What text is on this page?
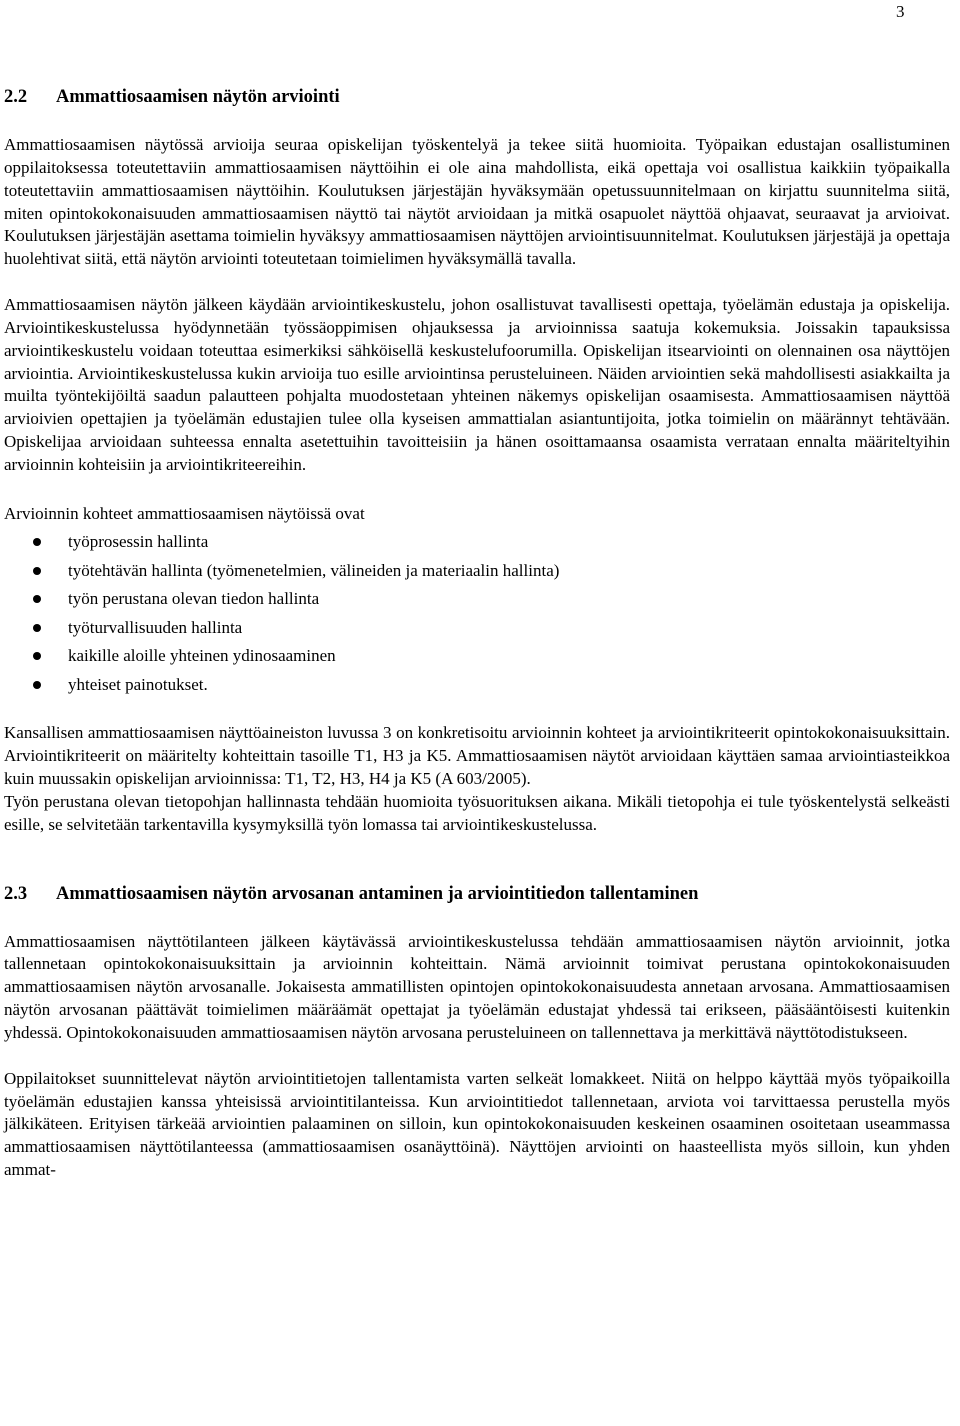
3
2.2 Ammattiosaamisen näytön arviointi

Ammattiosaamisen näytössä arvioija seuraa opiskelijan työskentelyä ja tekee siitä huomioita. Työpaikan edustajan osallistuminen oppilaitoksessa toteutettaviin ammattiosaamisen näyttöihin ei ole aina mahdollista, eikä opettaja voi osallistua kaikkiin työpaikalla toteutettaviin ammattiosaamisen näyttöihin. Koulutuksen järjestäjän hyväksymään opetussuunnitelmaan on kirjattu suunnitelma siitä, miten opintokokonaisuuden ammattiosaamisen näyttö tai näytöt arvioidaan ja mitkä osapuolet näyttöä ohjaavat, seuraavat ja arvioivat. Koulutuksen järjestäjän asettama toimielin hyväksyy ammattiosaamisen näyttöjen arviointisuunnitelmat. Koulutuksen järjestäjä ja opettaja huolehtivat siitä, että näytön arviointi toteutetaan toimielimen hyväksymällä tavalla.

Ammattiosaamisen näytön jälkeen käydään arviointikeskustelu, johon osallistuvat tavallisesti opettaja, työelämän edustaja ja opiskelija. Arviointikeskustelussa hyödynnetään työssäoppimisen ohjauksessa ja arvioinnissa saatuja kokemuksia. Joissakin tapauksissa arviointikeskustelu voidaan toteuttaa esimerkiksi sähköisellä keskustelufoorumilla. Opiskelijan itsearviointi on olennainen osa näyttöjen arviointia. Arviointikeskustelussa kukin arvioija tuo esille arviointinsa perusteluineen. Näiden arviointien sekä mahdollisesti asiakkailta ja muilta työntekijöiltä saadun palautteen pohjalta muodostetaan yhteinen näkemys opiskelijan osaamisesta. Ammattiosaamisen näyttöä arvioivien opettajien ja työelämän edustajien tulee olla kyseisen ammattialan asiantuntijoita, jotka toimielin on määrännyt tehtävään. Opiskelijaa arvioidaan suhteessa ennalta asetettuihin tavoitteisiin ja hänen osoittamaansa osaamista verrataan ennalta määriteltyihin arvioinnin kohteisiin ja arviointikriteereihin.

Arvioinnin kohteet ammattiosaamisen näytöissä ovat

työprosessin hallinta
työtehtävän hallinta (työmenetelmien, välineiden ja materiaalin hallinta)
työn perustana olevan tiedon hallinta
työturvallisuuden hallinta
kaikille aloille yhteinen ydinosaaminen
yhteiset painotukset.

Kansallisen ammattiosaamisen näyttöaineiston luvussa 3 on konkretisoitu arvioinnin kohteet ja arviointikriteerit opintokokonaisuuksittain. Arviointikriteerit on määritelty kohteittain tasoille T1, H3 ja K5. Ammattiosaamisen näytöt arvioidaan käyttäen samaa arviointiasteikkoa kuin muussakin opiskelijan arvioinnissa: T1, T2, H3, H4 ja K5 (A 603/2005).

Työn perustana olevan tietopohjan hallinnasta tehdään huomioita työsuorituksen aikana. Mikäli tietopohja ei tule työskentelystä selkeästi esille, se selvitetään tarkentavilla kysymyksillä työn lomassa tai arviointikeskustelussa.

2.3 Ammattiosaamisen näytön arvosanan antaminen ja arviointitiedon tallentaminen

Ammattiosaamisen näyttötilanteen jälkeen käytävässä arviointikeskustelussa tehdään ammattiosaamisen näytön arvioinnit, jotka tallennetaan opintokokonaisuuksittain ja arvioinnin kohteittain. Nämä arvioinnit toimivat perustana opintokokonaisuuden ammattiosaamisen näytön arvosanalle. Jokaisesta ammatillisten opintojen opintokokonaisuudesta annetaan arvosana. Ammattiosaamisen näytön arvosanan päättävät toimielimen määräämät opettajat ja työelämän edustajat yhdessä tai erikseen, pääsääntöisesti kuitenkin yhdessä. Opintokokonaisuuden ammattiosaamisen näytön arvosana perusteluineen on tallennettava ja merkittävä näyttötodistukseen.

Oppilaitokset suunnittelevat näytön arviointitietojen tallentamista varten selkeät lomakkeet. Niitä on helppo käyttää myös työpaikoilla työelämän edustajien kanssa yhteisissä arviointitilanteissa. Kun arviointitiedot tallennetaan, arviota voi tarvittaessa perustella myös jälkikäteen. Erityisen tärkeää arviointien palaaminen on silloin, kun opintokokonaisuuden keskeinen osaaminen osoitetaan useammassa ammattiosaamisen näyttötilanteessa (ammattiosaamisen osanäyttöinä). Näyttöjen arviointi on haasteellista myös silloin, kun yhden ammat-
